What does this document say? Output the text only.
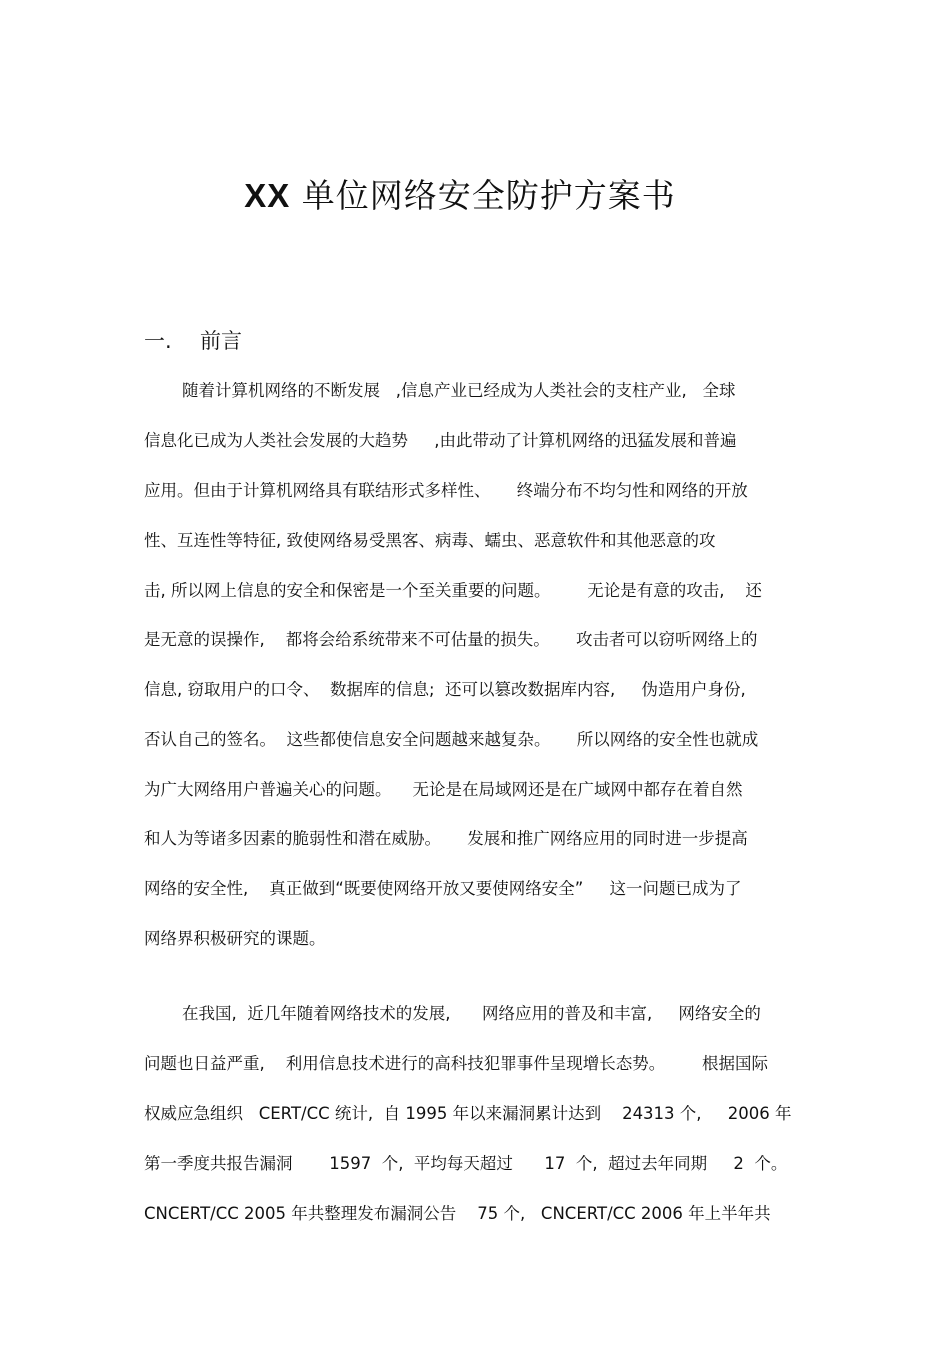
XX 单位网络安全防护方案书
一. 前言
随着计算机网络的不断发展   ,信息产业已经成为人类社会的支柱产业,   全球
信息化已成为人类社会发展的大趋势     ,由此带动了计算机网络的迅猛发展和普遍
应用。但由于计算机网络具有联结形式多样性、     终端分布不均匀性和网络的开放
性、互连性等特征, 致使网络易受黑客、病毒、蠕虫、恶意软件和其他恶意的攻
击, 所以网上信息的安全和保密是一个至关重要的问题。       无论是有意的攻击,    还
是无意的误操作,    都将会给系统带来不可估量的损失。     攻击者可以窃听网络上的
信息, 窃取用户的口令、  数据库的信息;  还可以篡改数据库内容,     伪造用户身份,
否认自己的签名。  这些都使信息安全问题越来越复杂。     所以网络的安全性也就成
为广大网络用户普遍关心的问题。    无论是在局域网还是在广域网中都存在着自然
和人为等诸多因素的脆弱性和潜在威胁。     发展和推广网络应用的同时进一步提高
网络的安全性,    真正做到“既要使网络开放又要使网络安全”     这一问题已成为了
网络界积极研究的课题。
在我国,  近几年随着网络技术的发展,      网络应用的普及和丰富,     网络安全的
问题也日益严重,    利用信息技术进行的高科技犯罪事件呈现增长态势。       根据国际
权威应急组织   CERT/CC 统计,  自 1995 年以来漏洞累计达到    24313 个,     2006 年
第一季度共报告漏洞       1597  个,  平均每天超过      17  个,  超过去年同期     2  个。
CNCERT/CC 2005 年共整理发布漏洞公告    75 个,   CNCERT/CC 2006 年上半年共
